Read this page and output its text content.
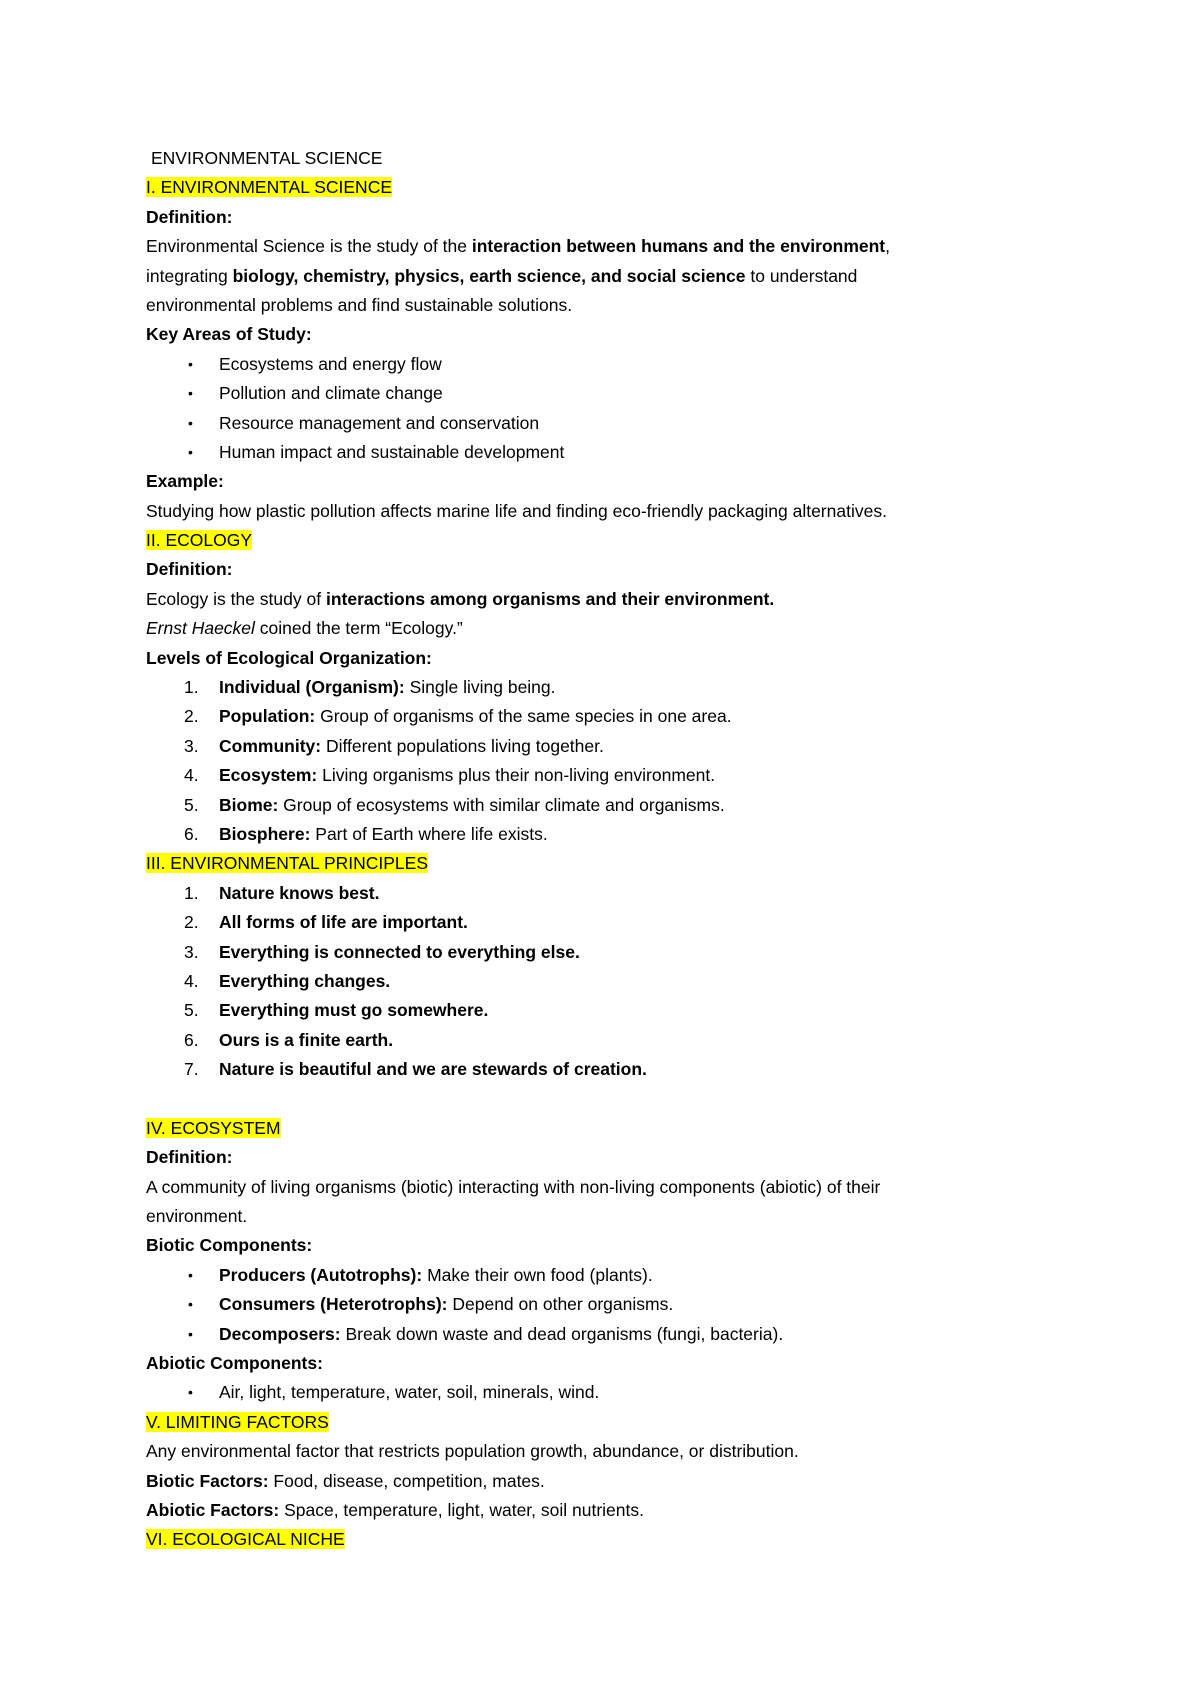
ENVIRONMENTAL SCIENCE
I. ENVIRONMENTAL SCIENCE
Definition:
Environmental Science is the study of the interaction between humans and the environment,
integrating biology, chemistry, physics, earth science, and social science to understand
environmental problems and find sustainable solutions.
Key Areas of Study:
• Ecosystems and energy flow
• Pollution and climate change
• Resource management and conservation
• Human impact and sustainable development
Example:
Studying how plastic pollution affects marine life and finding eco-friendly packaging alternatives.
II. ECOLOGY
Definition:
Ecology is the study of interactions among organisms and their environment.
Ernst Haeckel coined the term “Ecology.”
Levels of Ecological Organization:
1. Individual (Organism): Single living being.
2. Population: Group of organisms of the same species in one area.
3. Community: Different populations living together.
4. Ecosystem: Living organisms plus their non-living environment.
5. Biome: Group of ecosystems with similar climate and organisms.
6. Biosphere: Part of Earth where life exists.
III. ENVIRONMENTAL PRINCIPLES
1. Nature knows best.
2. All forms of life are important.
3. Everything is connected to everything else.
4. Everything changes.
5. Everything must go somewhere.
6. Ours is a finite earth.
7. Nature is beautiful and we are stewards of creation.
IV. ECOSYSTEM
Definition:
A community of living organisms (biotic) interacting with non-living components (abiotic) of their
environment.
Biotic Components:
• Producers (Autotrophs): Make their own food (plants).
• Consumers (Heterotrophs): Depend on other organisms.
• Decomposers: Break down waste and dead organisms (fungi, bacteria).
Abiotic Components:
• Air, light, temperature, water, soil, minerals, wind.
V. LIMITING FACTORS
Any environmental factor that restricts population growth, abundance, or distribution.
Biotic Factors: Food, disease, competition, mates.
Abiotic Factors: Space, temperature, light, water, soil nutrients.
VI. ECOLOGICAL NICHE
